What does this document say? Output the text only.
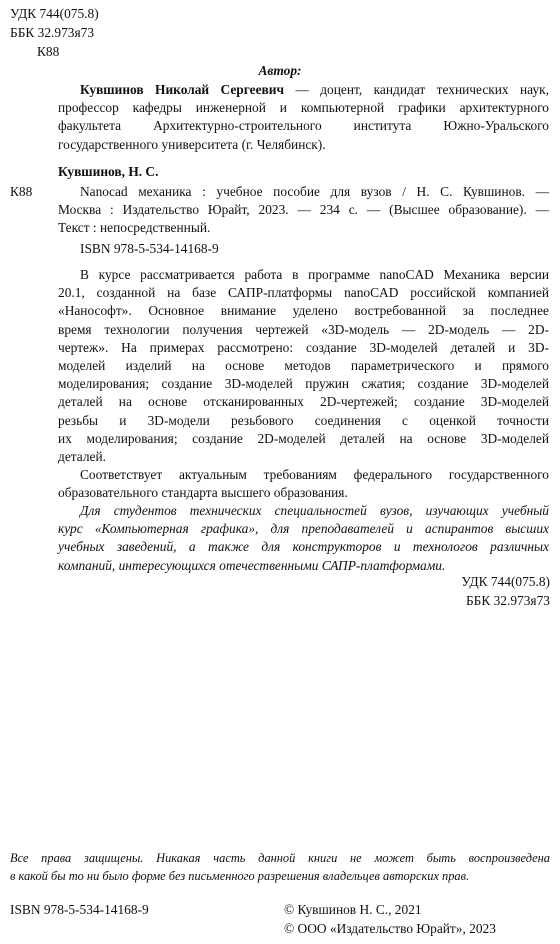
УДК 744(075.8)
ББК 32.973я73
К88
Автор:
Кувшинов Николай Сергеевич — доцент, кандидат технических наук,
профессор кафедры инженерной и компьютерной графики архитектурного
факультета Архитектурно-строительного института Южно-Уральского
государственного университета (г. Челябинск).
Кувшинов, Н. С.
К88	Nanocad механика : учебное пособие для вузов / Н. С. Кувшинов. —
Москва : Издательство Юрайт, 2023. — 234 с. — (Высшее образование). —
Текст : непосредственный.
ISBN 978-5-534-14168-9
В курсе рассматривается работа в программе nanoCAD Механика версии
20.1, созданной на базе САПР-платформы nanoCAD российской компанией
«Нанософт». Основное внимание уделено востребованной за последнее
время технологии получения чертежей «3D-модель — 2D-модель — 2D-
чертеж». На примерах рассмотрено: создание 3D-моделей деталей и 3D-
моделей изделий на основе методов параметрического и прямого
моделирования; создание 3D-моделей пружин сжатия; создание 3D-моделей
деталей на основе отсканированных 2D-чертежей; создание 3D-моделей
резьбы и 3D-модели резьбового соединения с оценкой точности
их моделирования; создание 2D-моделей деталей на основе 3D-моделей
деталей.
Соответствует актуальным требованиям федерального государственного
образовательного стандарта высшего образования.
Для студентов технических специальностей вузов, изучающих учебный
курс «Компьютерная графика», для преподавателей и аспирантов высших
учебных заведений, а также для конструкторов и технологов различных
компаний, интересующихся отечественными САПР-платформами.
УДК 744(075.8)
ББК 32.973я73
Все права защищены. Никакая часть данной книги не может быть воспроизведена
в какой бы то ни было форме без письменного разрешения владельцев авторских прав.
ISBN 978-5-534-14168-9	© Кувшинов Н. С., 2021
© ООО «Издательство Юрайт», 2023
